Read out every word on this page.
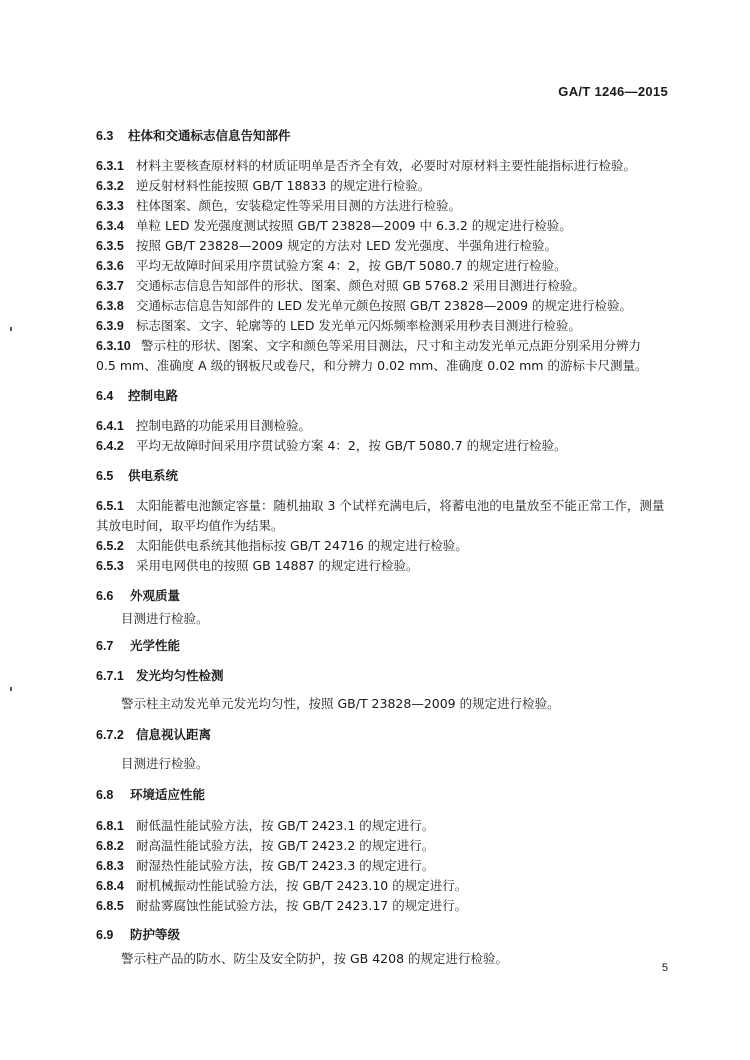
GA/T 1246—2015
6.3 柱体和交通标志信息告知部件
6.3.1 材料主要核查原材料的材质证明单是否齐全有效，必要时对原材料主要性能指标进行检验。
6.3.2 逆反射材料性能按照 GB/T 18833 的规定进行检验。
6.3.3 柱体图案、颜色，安装稳定性等采用目测的方法进行检验。
6.3.4 单粒 LED 发光强度测试按照 GB/T 23828—2009 中 6.3.2 的规定进行检验。
6.3.5 按照 GB/T 23828—2009 规定的方法对 LED 发光强度、半强角进行检验。
6.3.6 平均无故障时间采用序贯试验方案 4：2，按 GB/T 5080.7 的规定进行检验。
6.3.7 交通标志信息告知部件的形状、图案、颜色对照 GB 5768.2 采用目测进行检验。
6.3.8 交通标志信息告知部件的 LED 发光单元颜色按照 GB/T 23828—2009 的规定进行检验。
6.3.9 标志图案、文字、轮廓等的 LED 发光单元闪烁频率检测采用秒表目测进行检验。
6.3.10 警示柱的形状、图案、文字和颜色等采用目测法，尺寸和主动发光单元点距分别采用分辨力
0.5 mm、准确度 A 级的钢板尺或卷尺，和分辨力 0.02 mm、准确度 0.02 mm 的游标卡尺测量。
6.4 控制电路
6.4.1 控制电路的功能采用目测检验。
6.4.2 平均无故障时间采用序贯试验方案 4：2，按 GB/T 5080.7 的规定进行检验。
6.5 供电系统
6.5.1 太阳能蓄电池额定容量：随机抽取 3 个试样充满电后，将蓄电池的电量放至不能正常工作，测量
其放电时间，取平均值作为结果。
6.5.2 太阳能供电系统其他指标按 GB/T 24716 的规定进行检验。
6.5.3 采用电网供电的按照 GB 14887 的规定进行检验。
6.6 外观质量
目测进行检验。
6.7 光学性能
6.7.1 发光均匀性检测
警示柱主动发光单元发光均匀性，按照 GB/T 23828—2009 的规定进行检验。
6.7.2 信息视认距离
目测进行检验。
6.8 环境适应性能
6.8.1 耐低温性能试验方法，按 GB/T 2423.1 的规定进行。
6.8.2 耐高温性能试验方法，按 GB/T 2423.2 的规定进行。
6.8.3 耐湿热性能试验方法，按 GB/T 2423.3 的规定进行。
6.8.4 耐机械振动性能试验方法，按 GB/T 2423.10 的规定进行。
6.8.5 耐盐雾腐蚀性能试验方法，按 GB/T 2423.17 的规定进行。
6.9 防护等级
警示柱产品的防水、防尘及安全防护，按 GB 4208 的规定进行检验。
5
